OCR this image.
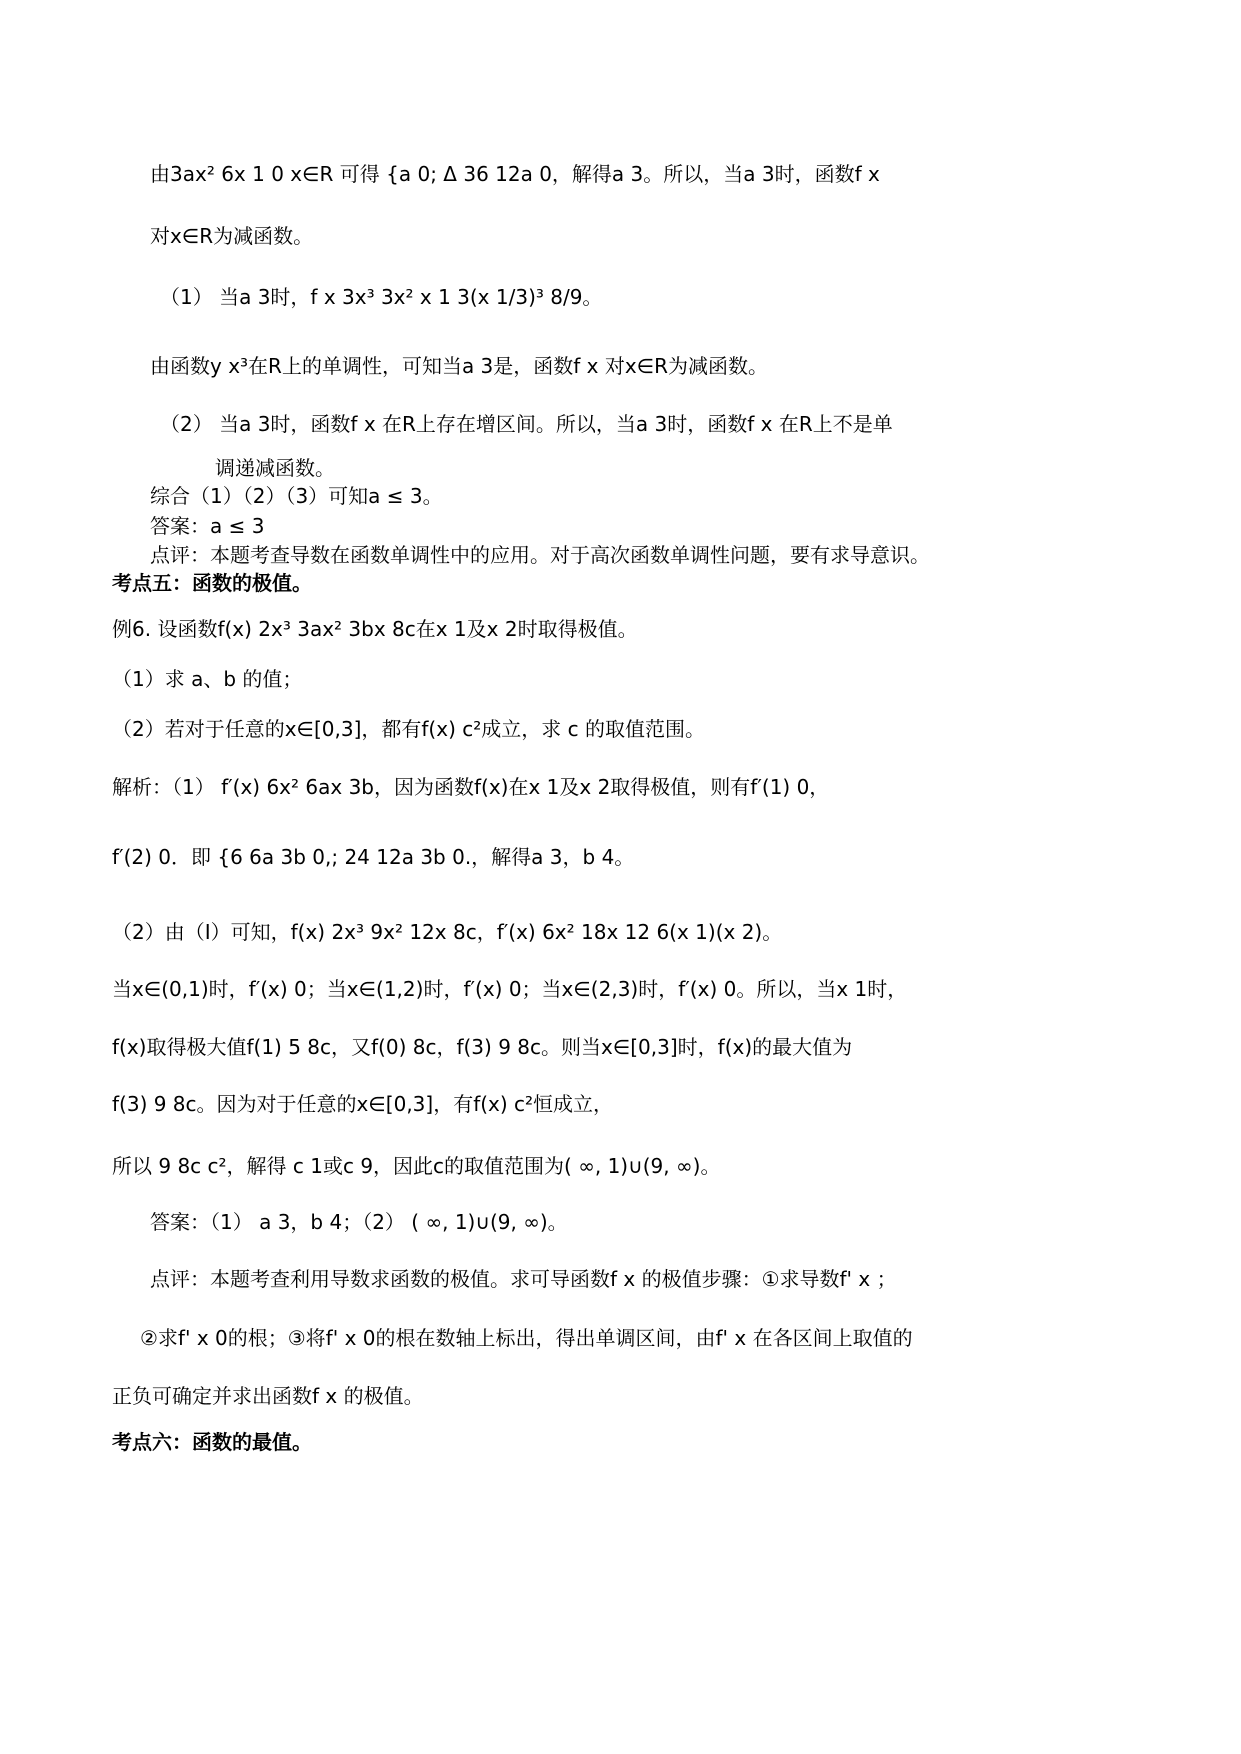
由3ax² 6x 1 0 x∈R 可得 {a 0; Δ 36 12a 0，解得a 3。所以，当a 3时，函数f x
对x∈R为减函数。
（1） 当a 3时，f x 3x³ 3x² x 1 3(x 1/3)³ 8/9。
由函数y x³在R上的单调性，可知当a 3是，函数f x 对x∈R为减函数。
（2） 当a 3时，函数f x 在R上存在增区间。所以，当a 3时，函数f x 在R上不是单
调递减函数。
综合（1）（2）（3）可知a ≤ 3。
答案：a ≤ 3
点评：本题考查导数在函数单调性中的应用。对于高次函数单调性问题，要有求导意识。
考点五：函数的极值。
例6. 设函数f(x) 2x³ 3ax² 3bx 8c在x 1及x 2时取得极值。
（1）求 a、b 的值；
（2）若对于任意的x∈[0,3]，都有f(x) c²成立，求 c 的取值范围。
解析：（1） f′(x) 6x² 6ax 3b，因为函数f(x)在x 1及x 2取得极值，则有f′(1) 0，
f′(2) 0．即 {6 6a 3b 0,; 24 12a 3b 0.，解得a 3，b 4。
（2）由（Ⅰ）可知，f(x) 2x³ 9x² 12x 8c，f′(x) 6x² 18x 12 6(x 1)(x 2)。
当x∈(0,1)时，f′(x) 0；当x∈(1,2)时，f′(x) 0；当x∈(2,3)时，f′(x) 0。所以，当x 1时，
f(x)取得极大值f(1) 5 8c，又f(0) 8c，f(3) 9 8c。则当x∈[0,3]时，f(x)的最大值为
f(3) 9 8c。因为对于任意的x∈[0,3]，有f(x) c²恒成立，
所以 9 8c c²，解得 c 1或c 9，因此c的取值范围为( ∞, 1)∪(9, ∞)。
答案：（1） a 3，b 4；（2） ( ∞, 1)∪(9, ∞)。
点评：本题考查利用导数求函数的极值。求可导函数f x 的极值步骤：①求导数f' x ；
②求f' x 0的根；③将f' x 0的根在数轴上标出，得出单调区间，由f' x 在各区间上取值的
正负可确定并求出函数f x 的极值。
考点六：函数的最值。
